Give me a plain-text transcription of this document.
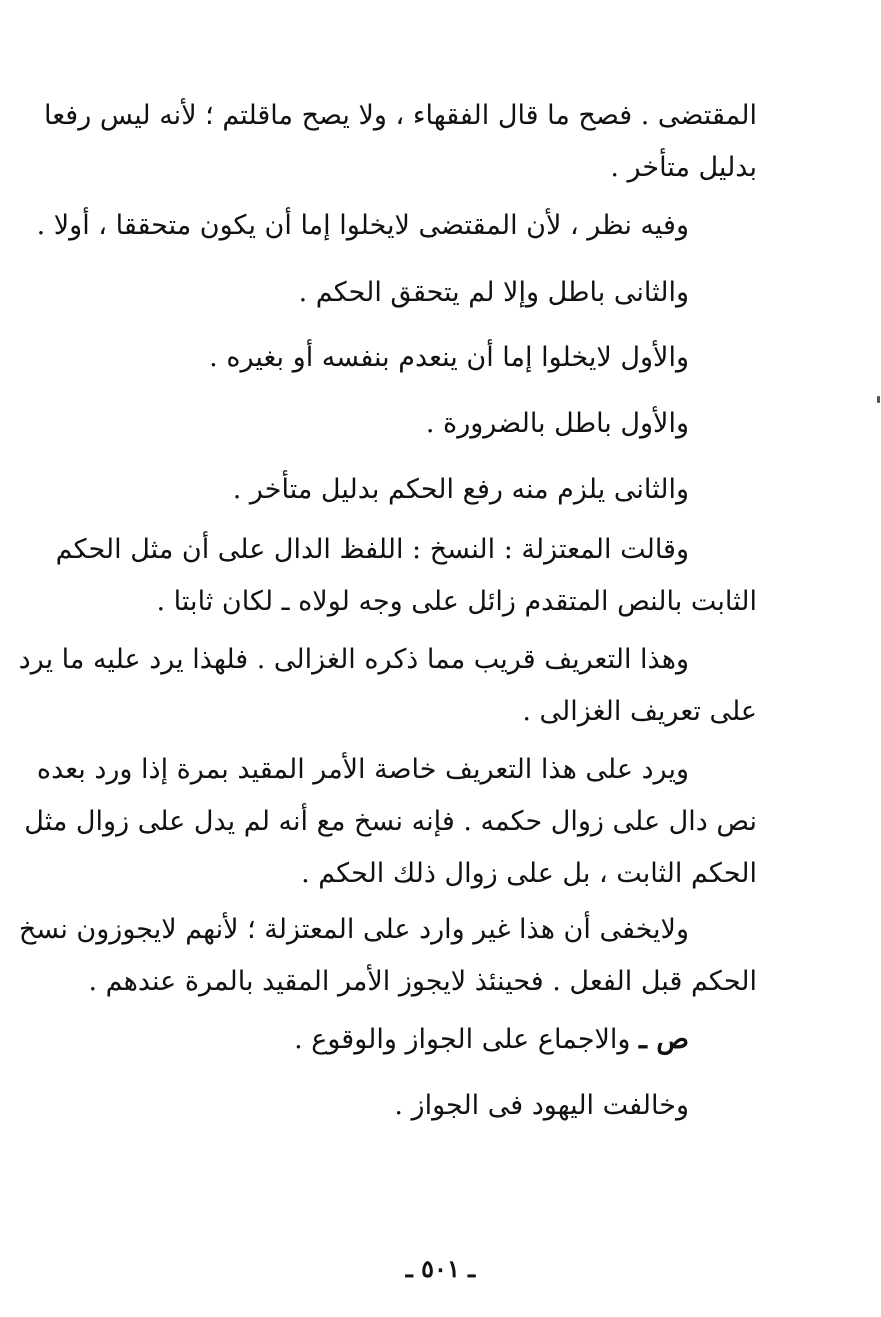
المقتضى . فصح ما قال الفقهاء ، ولا يصح ماقلتم ؛ لأنه ليس رفعا
بدليل متأخر .
وفيه نظر ، لأن المقتضى لايخلوا إما أن يكون متحققا ، أولا .
والثانى باطل وإلا لم يتحقق الحكم .
والأول لايخلوا إما أن ينعدم بنفسه أو بغيره .
والأول باطل بالضرورة .
والثانى يلزم منه رفع الحكم بدليل متأخر .
وقالت المعتزلة : النسخ : اللفظ الدال على أن مثل الحكم
الثابت بالنص المتقدم زائل على وجه لولاه ـ لكان ثابتا .
وهذا التعريف قريب مما ذكره الغزالى . فلهذا يرد عليه ما يرد
على تعريف الغزالى .
ويرد على هذا التعريف خاصة الأمر المقيد بمرة إذا ورد بعده
نص دال على زوال حكمه . فإنه نسخ مع أنه لم يدل على زوال مثل
الحكم الثابت ، بل على زوال ذلك الحكم .
ولايخفى أن هذا غير وارد على المعتزلة ؛ لأنهم لايجوزون نسخ
الحكم قبل الفعل . فحينئذ لايجوز الأمر المقيد بالمرة عندهم .
ص ـ والاجماع على الجواز والوقوع .
وخالفت اليهود فى الجواز .
ـ ٥٠١ ـ
